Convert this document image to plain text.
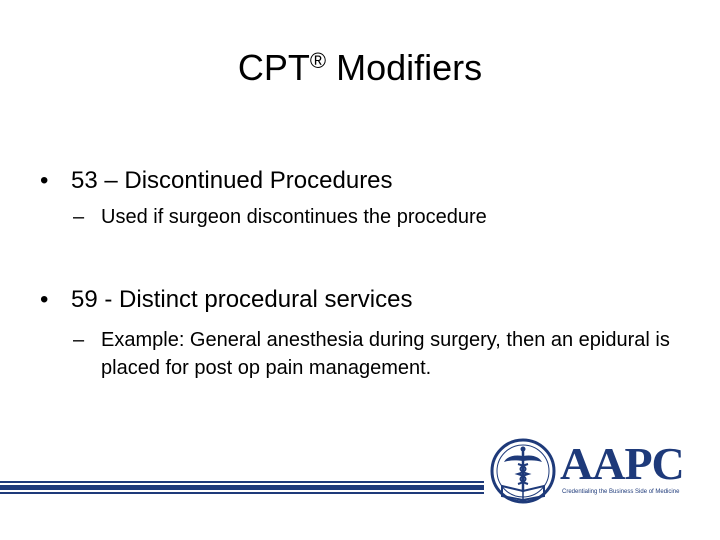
CPT® Modifiers
• 53 – Discontinued Procedures
– Used if surgeon discontinues the procedure
• 59 - Distinct procedural services
– Example: General anesthesia during surgery, then an epidural is placed for post op pain management.
AAPC
Credentialing the Business Side of Medicine
